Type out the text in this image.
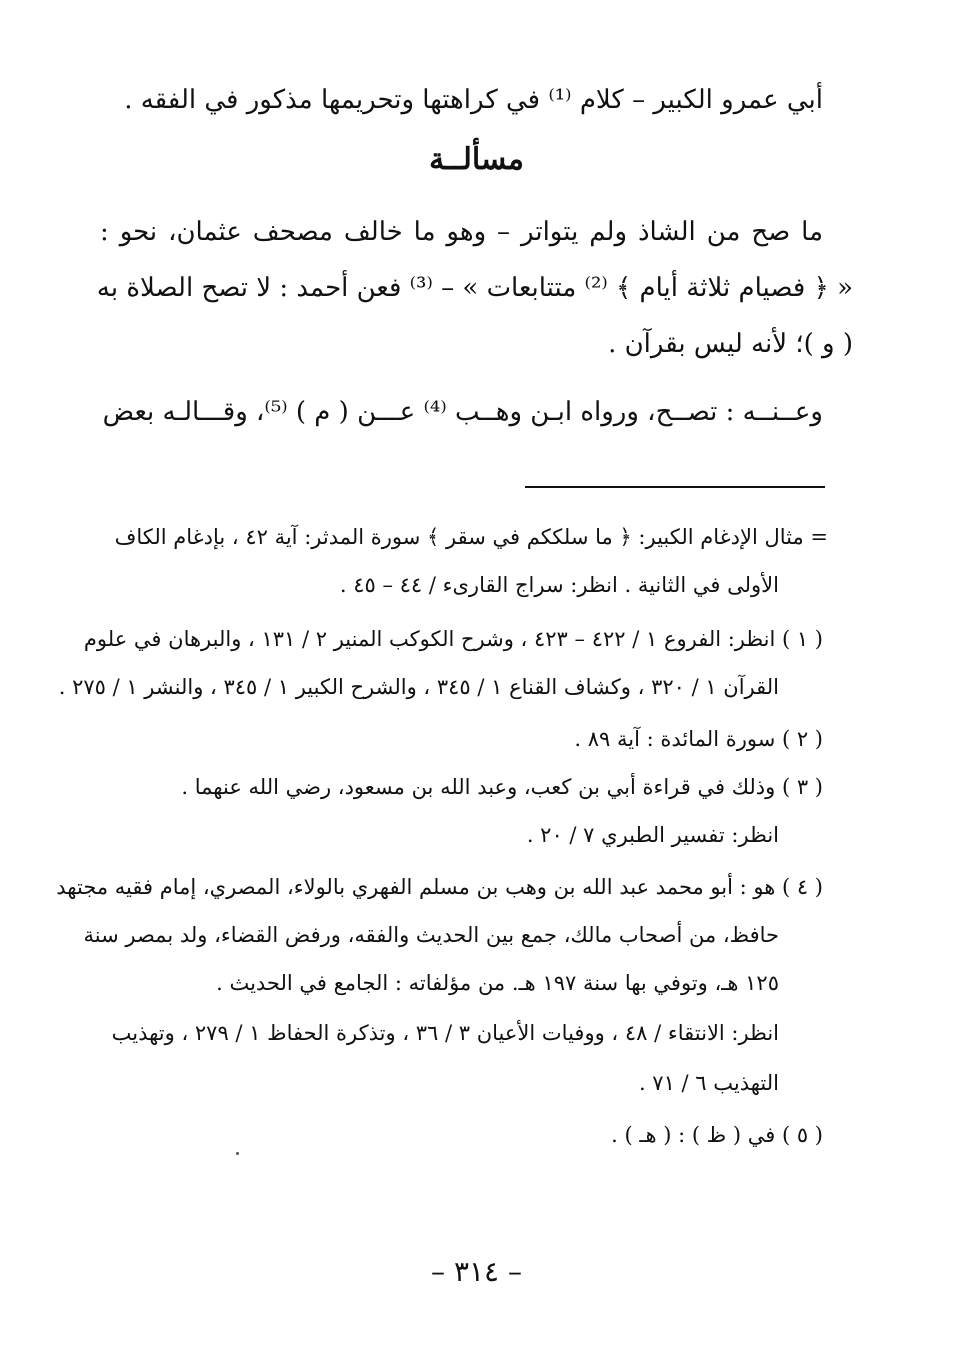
أبي عمرو الكبير – كلام ⁽¹⁾ في كراهتها وتحريمها مذكور في الفقه .
مسألــة
ما صح من الشاذ ولم يتواتر – وهو ما خالف مصحف عثمان، نحو :
« ﴿ فصيام ثلاثة أيام ﴾ ⁽²⁾ متتابعات » – ⁽³⁾ فعن أحمد : لا تصح الصلاة به
( و )؛ لأنه ليس بقرآن .
وعــنــه : تصــح، ورواه ابـن وهــب ⁽⁴⁾ عـــن ( م ) ⁽⁵⁾، وقـــالـه بعض
= مثال الإدغام الكبير: ﴿ ما سلككم في سقر ﴾ سورة المدثر: آية ٤٢ ، بإدغام الكاف
الأولى في الثانية . انظر: سراج القارىء / ٤٤ – ٤٥ .
( ١ ) انظر: الفروع ١ / ٤٢٢ – ٤٢٣ ، وشرح الكوكب المنير ٢ / ١٣١ ، والبرهان في علوم
القرآن ١ / ٣٢٠ ، وكشاف القناع ١ / ٣٤٥ ، والشرح الكبير ١ / ٣٤٥ ، والنشر ١ / ٢٧٥ .
( ٢ ) سورة المائدة : آية ٨٩ .
( ٣ ) وذلك في قراءة أبي بن كعب، وعبد الله بن مسعود، رضي الله عنهما .
انظر: تفسير الطبري ٧ / ٢٠ .
( ٤ ) هو : أبو محمد عبد الله بن وهب بن مسلم الفهري بالولاء، المصري، إمام فقيه مجتهد
حافظ، من أصحاب مالك، جمع بين الحديث والفقه، ورفض القضاء، ولد بمصر سنة
١٢٥ هـ، وتوفي بها سنة ١٩٧ هـ. من مؤلفاته : الجامع في الحديث .
انظر: الانتقاء / ٤٨ ، ووفيات الأعيان ٣ / ٣٦ ، وتذكرة الحفاظ ١ / ٢٧٩ ، وتهذيب
التهذيب ٦ / ٧١ .
( ٥ ) في ( ظ ) : ( هـ ) .
– ٣١٤ –
